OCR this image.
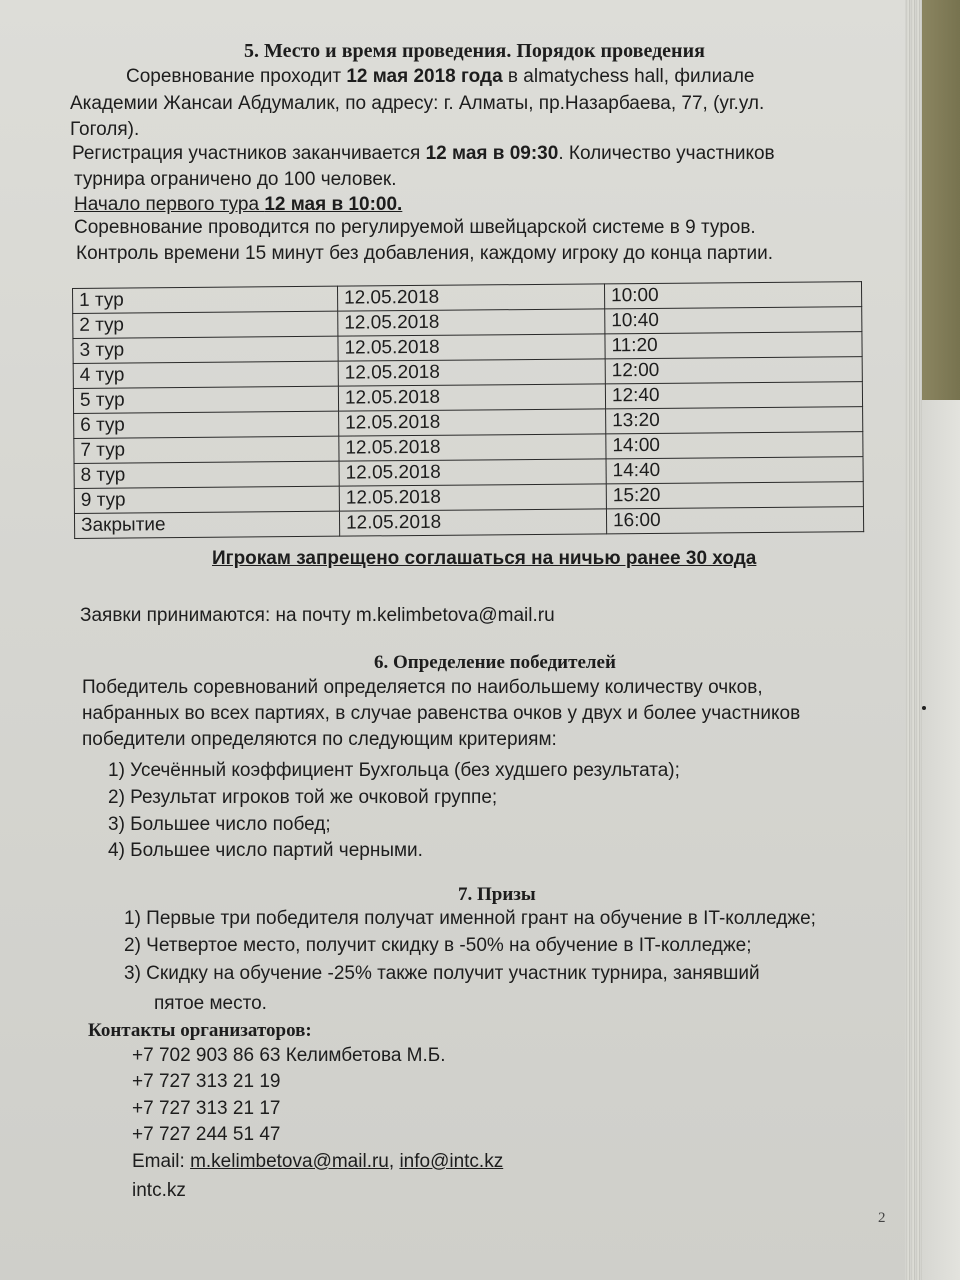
5. Место и время проведения. Порядок проведения
Соревнование проходит 12 мая 2018 года в almatychess hall, филиале
Академии Жансаи Абдумалик, по адресу: г. Алматы, пр.Назарбаева, 77, (уг.ул.
Гоголя).
Регистрация участников заканчивается 12 мая в 09:30. Количество участников
турнира ограничено до 100 человек.
Начало первого тура 12 мая в 10:00.
Соревнование проводится по регулируемой швейцарской системе в 9 туров.
Контроль времени 15 минут без добавления, каждому игроку до конца партии.
1 тур	12.05.2018	10:00
2 тур	12.05.2018	10:40
3 тур	12.05.2018	11:20
4 тур	12.05.2018	12:00
5 тур	12.05.2018	12:40
6 тур	12.05.2018	13:20
7 тур	12.05.2018	14:00
8 тур	12.05.2018	14:40
9 тур	12.05.2018	15:20
Закрытие	12.05.2018	16:00
Игрокам запрещено соглашаться на ничью ранее 30 хода
Заявки принимаются: на почту m.kelimbetova@mail.ru
6. Определение победителей
Победитель соревнований определяется по наибольшему количеству очков,
набранных во всех партиях, в случае равенства очков у двух и более участников
победители определяются по следующим критериям:
1) Усечённый коэффициент Бухгольца (без худшего результата);
2) Результат игроков той же очковой группе;
3) Большее число побед;
4) Большее число партий черными.
7. Призы
1) Первые три победителя получат именной грант на обучение в IT-колледже;
2) Четвертое место, получит скидку в -50% на обучение в IT-колледже;
3) Скидку на обучение -25% также получит участник турнира, занявший
пятое место.
Контакты организаторов:
+7 702 903 86 63 Келимбетова М.Б.
+7 727 313 21 19
+7 727 313 21 17
+7 727 244 51 47
Email: m.kelimbetova@mail.ru, info@intc.kz
intc.kz
2
